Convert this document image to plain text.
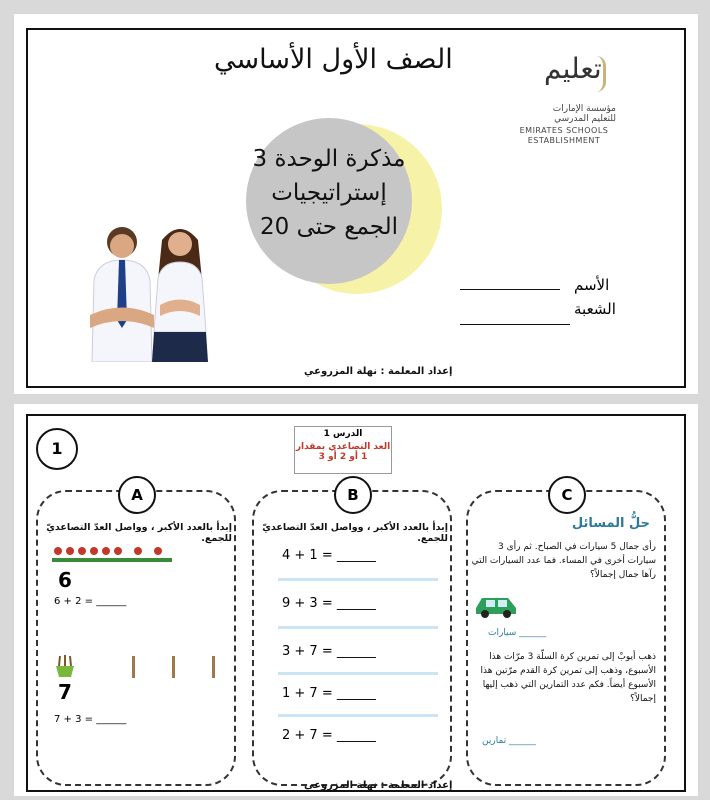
الصف الأول الأساسي	تعليم
مؤسسة الإمارات
للتعليم المدرسي
EMIRATES SCHOOLS
ESTABLISHMENT
مذكرة الوحدة 3
إستراتيجيات
الجمع حتى 20
الأسم
الشعبة
إعداد المعلمة : نهلة المزروعي
1
الدرس 1
العد التصاعدي بمقدار
1 أو 2 أو 3
A
إبدأ بالعدد الأكبر ، وواصل العدّ التصاعديّ للجمع.
6
6 + 2 = ______
7
7 + 3 = ______
B
إبدأ بالعدد الأكبر ، وواصل العدّ التصاعديّ للجمع.
4 + 1 = ______
9 + 3 = ______
3 + 7 = ______
1 + 7 = ______
2 + 7 = ______
C
حلُّ المسائل
رأى جمال 5 سيارات في الصباح. ثم رأى 3 سيارات أخرى في المساء. فما عدد السيارات التي رآها جمال إجمالاً؟
______ سيارات
ذهب أيوبْ إلى تمرين كرة السلّة 3 مرّات هذا الأسبوع، وذهب إلى تمرين كرة القدم مرّتين هذا الأسبوع أيضاً. فكم عدد التمارين التي ذهب إليها إجمالاً؟
______ تمارين
إعداد المعلمة : نهلة المزروعي
